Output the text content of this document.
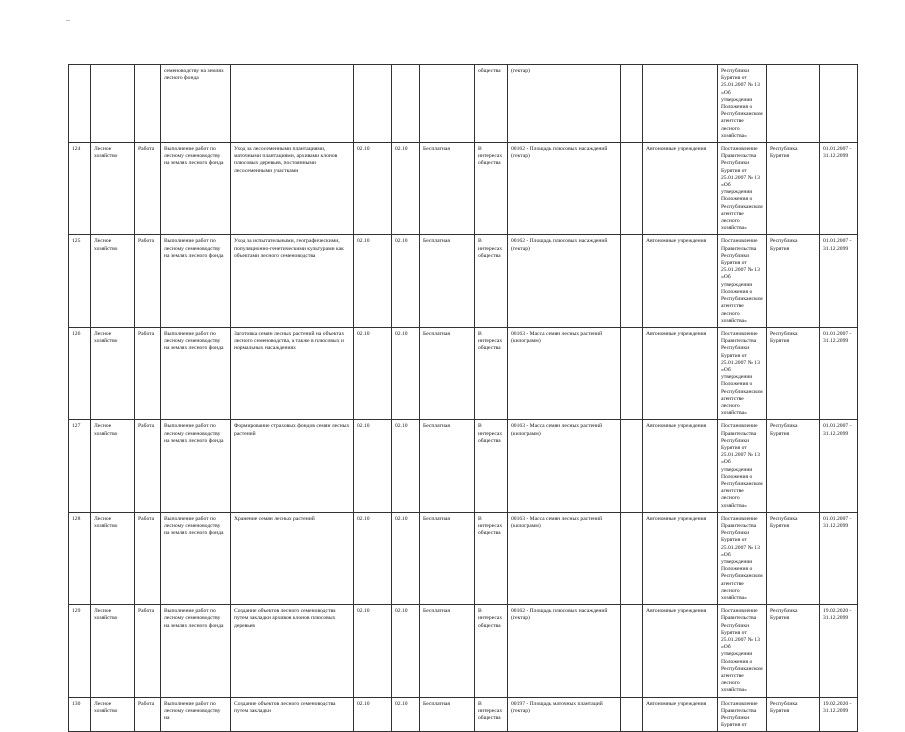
			семеноводству на землях лесного фонда					общества	(гектар)			Республики Бурятия от 25.01.2007 № 13 «Об утверждении Положения о Республиканском агентстве лесного хозяйства»		

124	Лесное хозяйство	Работа	Выполнение работ по лесному семеноводству на землях лесного фонда	Уход за лесосеменными плантациями, маточными плантациями, архивами клонов плюсовых деревьев, постоянными лесосеменными участками	02.10	02.10	Бесплатная	В интересах общества	00162 - Площадь плюсовых насаждений (гектар)		Автономные учреждения	Постановление Правительства Республики Бурятия от 25.01.2007 № 13 «Об утверждении Положения о Республиканском агентстве лесного хозяйства»	Республика Бурятия	01.01.2007 - 31.12.2099

125	Лесное хозяйство	Работа	Выполнение работ по лесному семеноводству на землях лесного фонда	Уход за испытательными, географическими, популяционно-генетическими культурами как объектами лесного семеноводства	02.10	02.10	Бесплатная	В интересах общества	00162 - Площадь плюсовых насаждений (гектар)		Автономные учреждения	Постановление Правительства Республики Бурятия от 25.01.2007 № 13 «Об утверждении Положения о Республиканском агентстве лесного хозяйства»	Республика Бурятия	01.01.2007 - 31.12.2099

126	Лесное хозяйство	Работа	Выполнение работ по лесному семеноводству на землях лесного фонда	Заготовка семян лесных растений на объектах лесного семеноводства, а также в плюсовых и нормальных насаждениях	02.10	02.10	Бесплатная	В интересах общества	00163 - Масса семян лесных растений (килограмм)		Автономные учреждения	Постановление Правительства Республики Бурятия от 25.01.2007 № 13 «Об утверждении Положения о Республиканском агентстве лесного хозяйства»	Республика Бурятия	01.01.2007 - 31.12.2099

127	Лесное хозяйство	Работа	Выполнение работ по лесному семеноводству на землях лесного фонда	Формирование страховых фондов семян лесных растений	02.10	02.10	Бесплатная	В интересах общества	00163 - Масса семян лесных растений (килограмм)		Автономные учреждения	Постановление Правительства Республики Бурятия от 25.01.2007 № 13 «Об утверждении Положения о Республиканском агентстве лесного хозяйства»	Республика Бурятия	01.01.2007 - 31.12.2099

128	Лесное хозяйство	Работа	Выполнение работ по лесному семеноводству на землях лесного фонда	Хранение семян лесных растений	02.10	02.10	Бесплатная	В интересах общества	00163 - Масса семян лесных растений (килограмм)		Автономные учреждения	Постановление Правительства Республики Бурятия от 25.01.2007 № 13 «Об утверждении Положения о Республиканском агентстве лесного хозяйства»	Республика Бурятия	01.01.2007 - 31.12.2099

129	Лесное хозяйство	Работа	Выполнение работ по лесному семеноводству на землях лесного фонда	Создание объектов лесного семеноводства путем закладки архивов клонов плюсовых деревьев	02.10	02.10	Бесплатная	В интересах общества	00162 - Площадь плюсовых насаждений (гектар)		Автономные учреждения	Постановление Правительства Республики Бурятия от 25.01.2007 № 13 «Об утверждении Положения о Республиканском агентстве лесного хозяйства»	Республика Бурятия	19.02.2020 - 31.12.2099

130	Лесное хозяйство	Работа	Выполнение работ по лесному семеноводству на	Создание объектов лесного семеноводства путем закладки	02.10	02.10	Бесплатная	В интересах общества	00197 - Площадь маточных плантаций (гектар)		Автономные учреждения	Постановление Правительства Республики Бурятия от	Республика Бурятия	19.02.2020 - 31.12.2099
